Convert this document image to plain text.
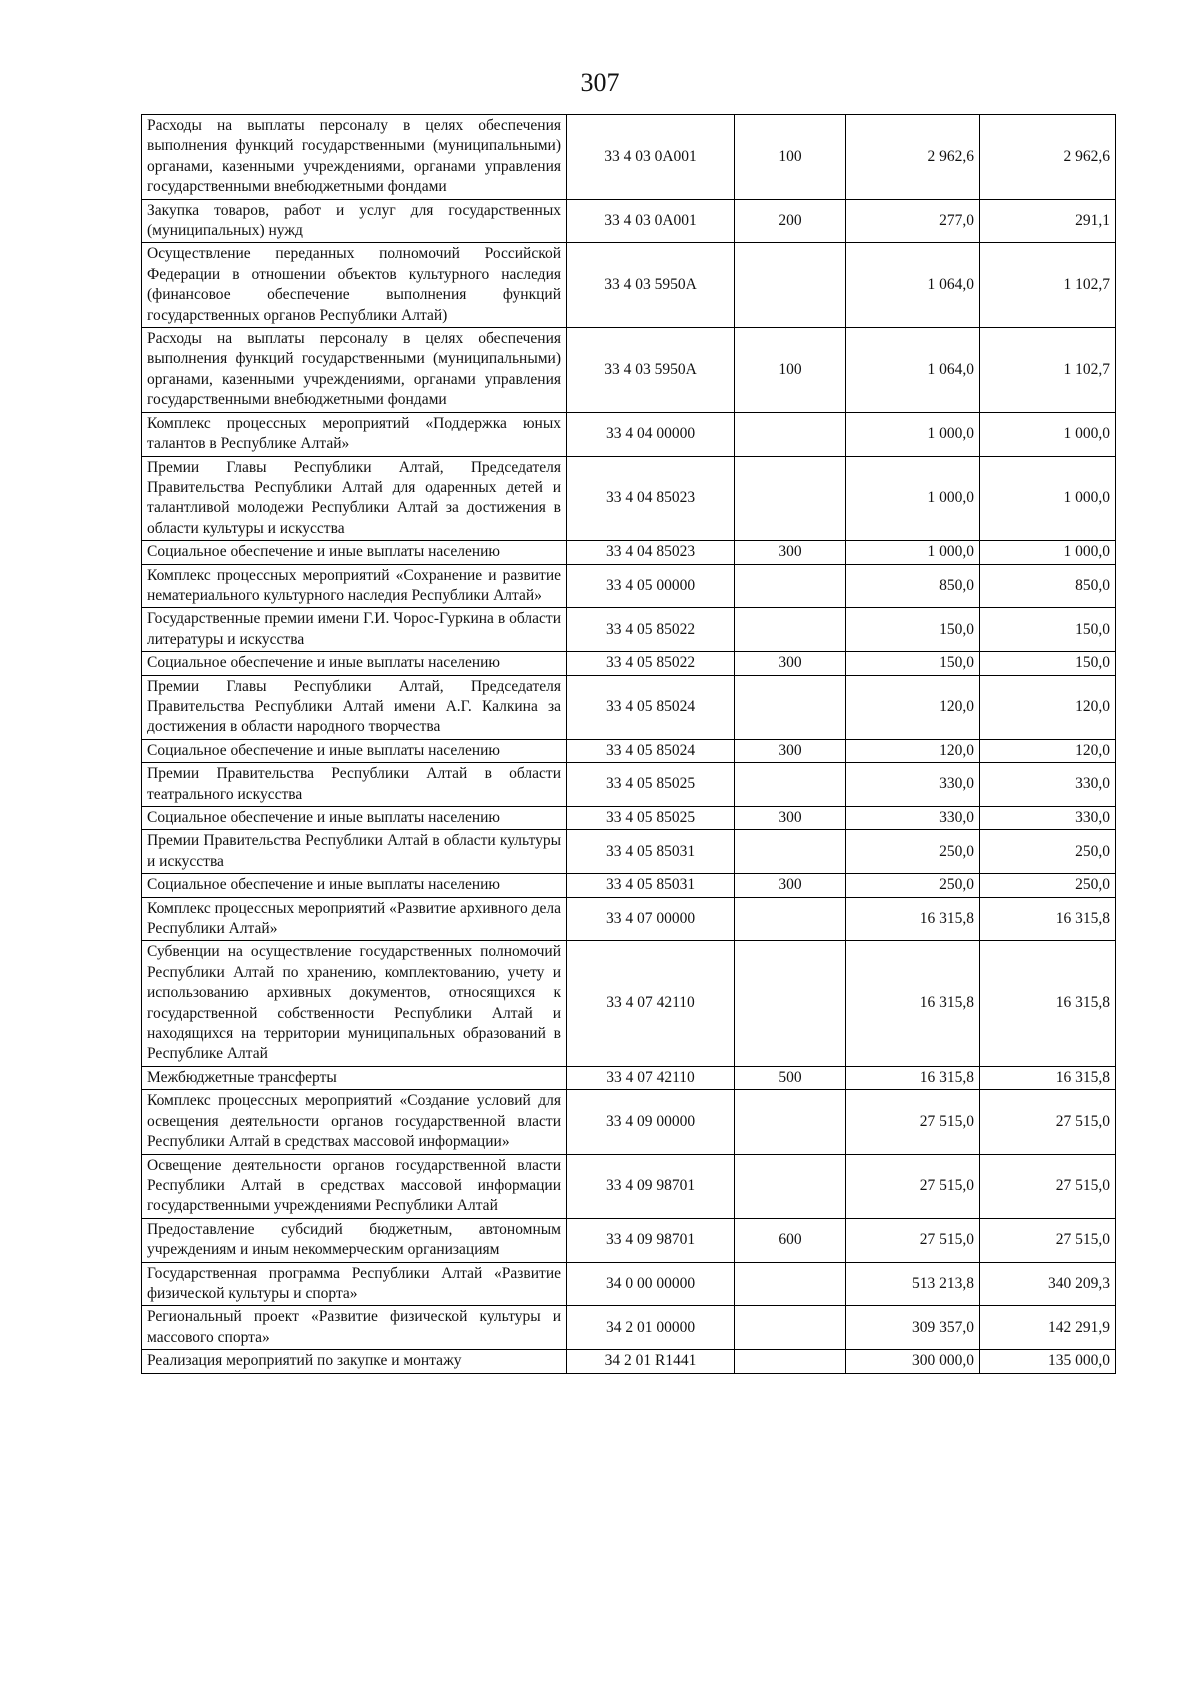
307
Расходы на выплаты персоналу в целях обеспечения выполнения функций государственными (муниципальными) органами, казенными учреждениями, органами управления государственными внебюджетными фондами	33 4 03 0А001	100	2 962,6	2 962,6
Закупка товаров, работ и услуг для государственных (муниципальных) нужд	33 4 03 0А001	200	277,0	291,1
Осуществление переданных полномочий Российской Федерации в отношении объектов культурного наследия (финансовое обеспечение выполнения функций государственных органов Республики Алтай)	33 4 03 5950А		1 064,0	1 102,7
Расходы на выплаты персоналу в целях обеспечения выполнения функций государственными (муниципальными) органами, казенными учреждениями, органами управления государственными внебюджетными фондами	33 4 03 5950А	100	1 064,0	1 102,7
Комплекс процессных мероприятий «Поддержка юных талантов в Республике Алтай»	33 4 04 00000		1 000,0	1 000,0
Премии Главы Республики Алтай, Председателя Правительства Республики Алтай для одаренных детей и талантливой молодежи Республики Алтай за достижения в области культуры и искусства	33 4 04 85023		1 000,0	1 000,0
Социальное обеспечение и иные выплаты населению	33 4 04 85023	300	1 000,0	1 000,0
Комплекс процессных мероприятий «Сохранение и развитие нематериального культурного наследия Республики Алтай»	33 4 05 00000		850,0	850,0
Государственные премии имени Г.И. Чорос-Гуркина в области литературы и искусства	33 4 05 85022		150,0	150,0
Социальное обеспечение и иные выплаты населению	33 4 05 85022	300	150,0	150,0
Премии Главы Республики Алтай, Председателя Правительства Республики Алтай имени А.Г. Калкина за достижения в области народного творчества	33 4 05 85024		120,0	120,0
Социальное обеспечение и иные выплаты населению	33 4 05 85024	300	120,0	120,0
Премии Правительства Республики Алтай в области театрального искусства	33 4 05 85025		330,0	330,0
Социальное обеспечение и иные выплаты населению	33 4 05 85025	300	330,0	330,0
Премии Правительства Республики Алтай в области культуры и искусства	33 4 05 85031		250,0	250,0
Социальное обеспечение и иные выплаты населению	33 4 05 85031	300	250,0	250,0
Комплекс процессных мероприятий «Развитие архивного дела Республики Алтай»	33 4 07 00000		16 315,8	16 315,8
Субвенции на осуществление государственных полномочий Республики Алтай по хранению, комплектованию, учету и использованию архивных документов, относящихся к государственной собственности Республики Алтай и находящихся на территории муниципальных образований в Республике Алтай	33 4 07 42110		16 315,8	16 315,8
Межбюджетные трансферты	33 4 07 42110	500	16 315,8	16 315,8
Комплекс процессных мероприятий «Создание условий для освещения деятельности органов государственной власти Республики Алтай в средствах массовой информации»	33 4 09 00000		27 515,0	27 515,0
Освещение деятельности органов государственной власти Республики Алтай в средствах массовой информации государственными учреждениями Республики Алтай	33 4 09 98701		27 515,0	27 515,0
Предоставление субсидий бюджетным, автономным учреждениям и иным некоммерческим организациям	33 4 09 98701	600	27 515,0	27 515,0
Государственная программа Республики Алтай «Развитие физической культуры и спорта»	34 0 00 00000		513 213,8	340 209,3
Региональный проект «Развитие физической культуры и массового спорта»	34 2 01 00000		309 357,0	142 291,9
Реализация мероприятий по закупке и монтажу	34 2 01 R1441		300 000,0	135 000,0
